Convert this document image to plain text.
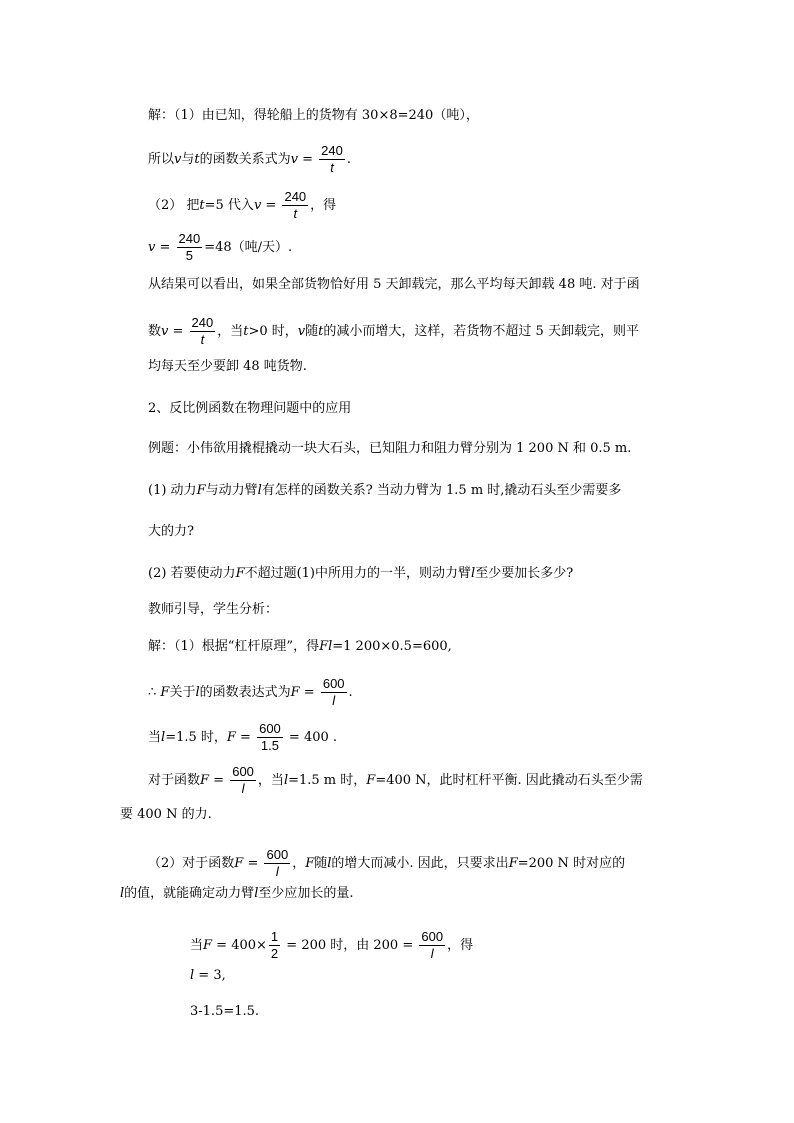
解：（1）由已知，得轮船上的货物有 30×8=240（吨），
所以v与t的函数关系式为$v = \frac{240}{t}$ .
（2） 把t=5 代入$v = \frac{240}{t}$ ，得
$v = \frac{240}{5} =48$（吨/天）.
从结果可以看出，如果全部货物恰好用 5 天卸载完，那么平均每天卸载 48 吨. 对于函
数$v = \frac{240}{t}$ ，当t>0 时，v随t的减小而增大，这样，若货物不超过 5 天卸载完，则平
均每天至少要卸 48 吨货物.
2、反比例函数在物理问题中的应用
例题：小伟欲用撬棍撬动一块大石头，已知阻力和阻力臂分别为 1 200 N 和 0.5 m.
(1) 动力F与动力臂l有怎样的函数关系? 当动力臂为 1.5 m 时,撬动石头至少需要多
大的力?
(2) 若要使动力F不超过题(1)中所用力的一半，则动力臂l至少要加长多少?
教师引导，学生分析：
解：（1）根据“杠杆原理”，得Fl=1 200×0.5=600,
∴ F关于l的函数表达式为$F = \frac{600}{l}$ .
当l=1.5 时，$F = \frac{600}{1.5} = 400$ .
对于函数$F = \frac{600}{l}$ ，当l=1.5 m 时，F=400 N，此时杠杆平衡. 因此撬动石头至少需
要 400 N 的力.
（2）对于函数$F = \frac{600}{l}$ ，F随l的增大而减小. 因此，只要求出F=200 N 时对应的
l的值，就能确定动力臂l至少应加长的量.
当$F = 400\times \frac{1}{2} = 200$ 时，由 $200 = \frac{600}{l}$ ，得
l = 3,
3-1.5=1.5.
